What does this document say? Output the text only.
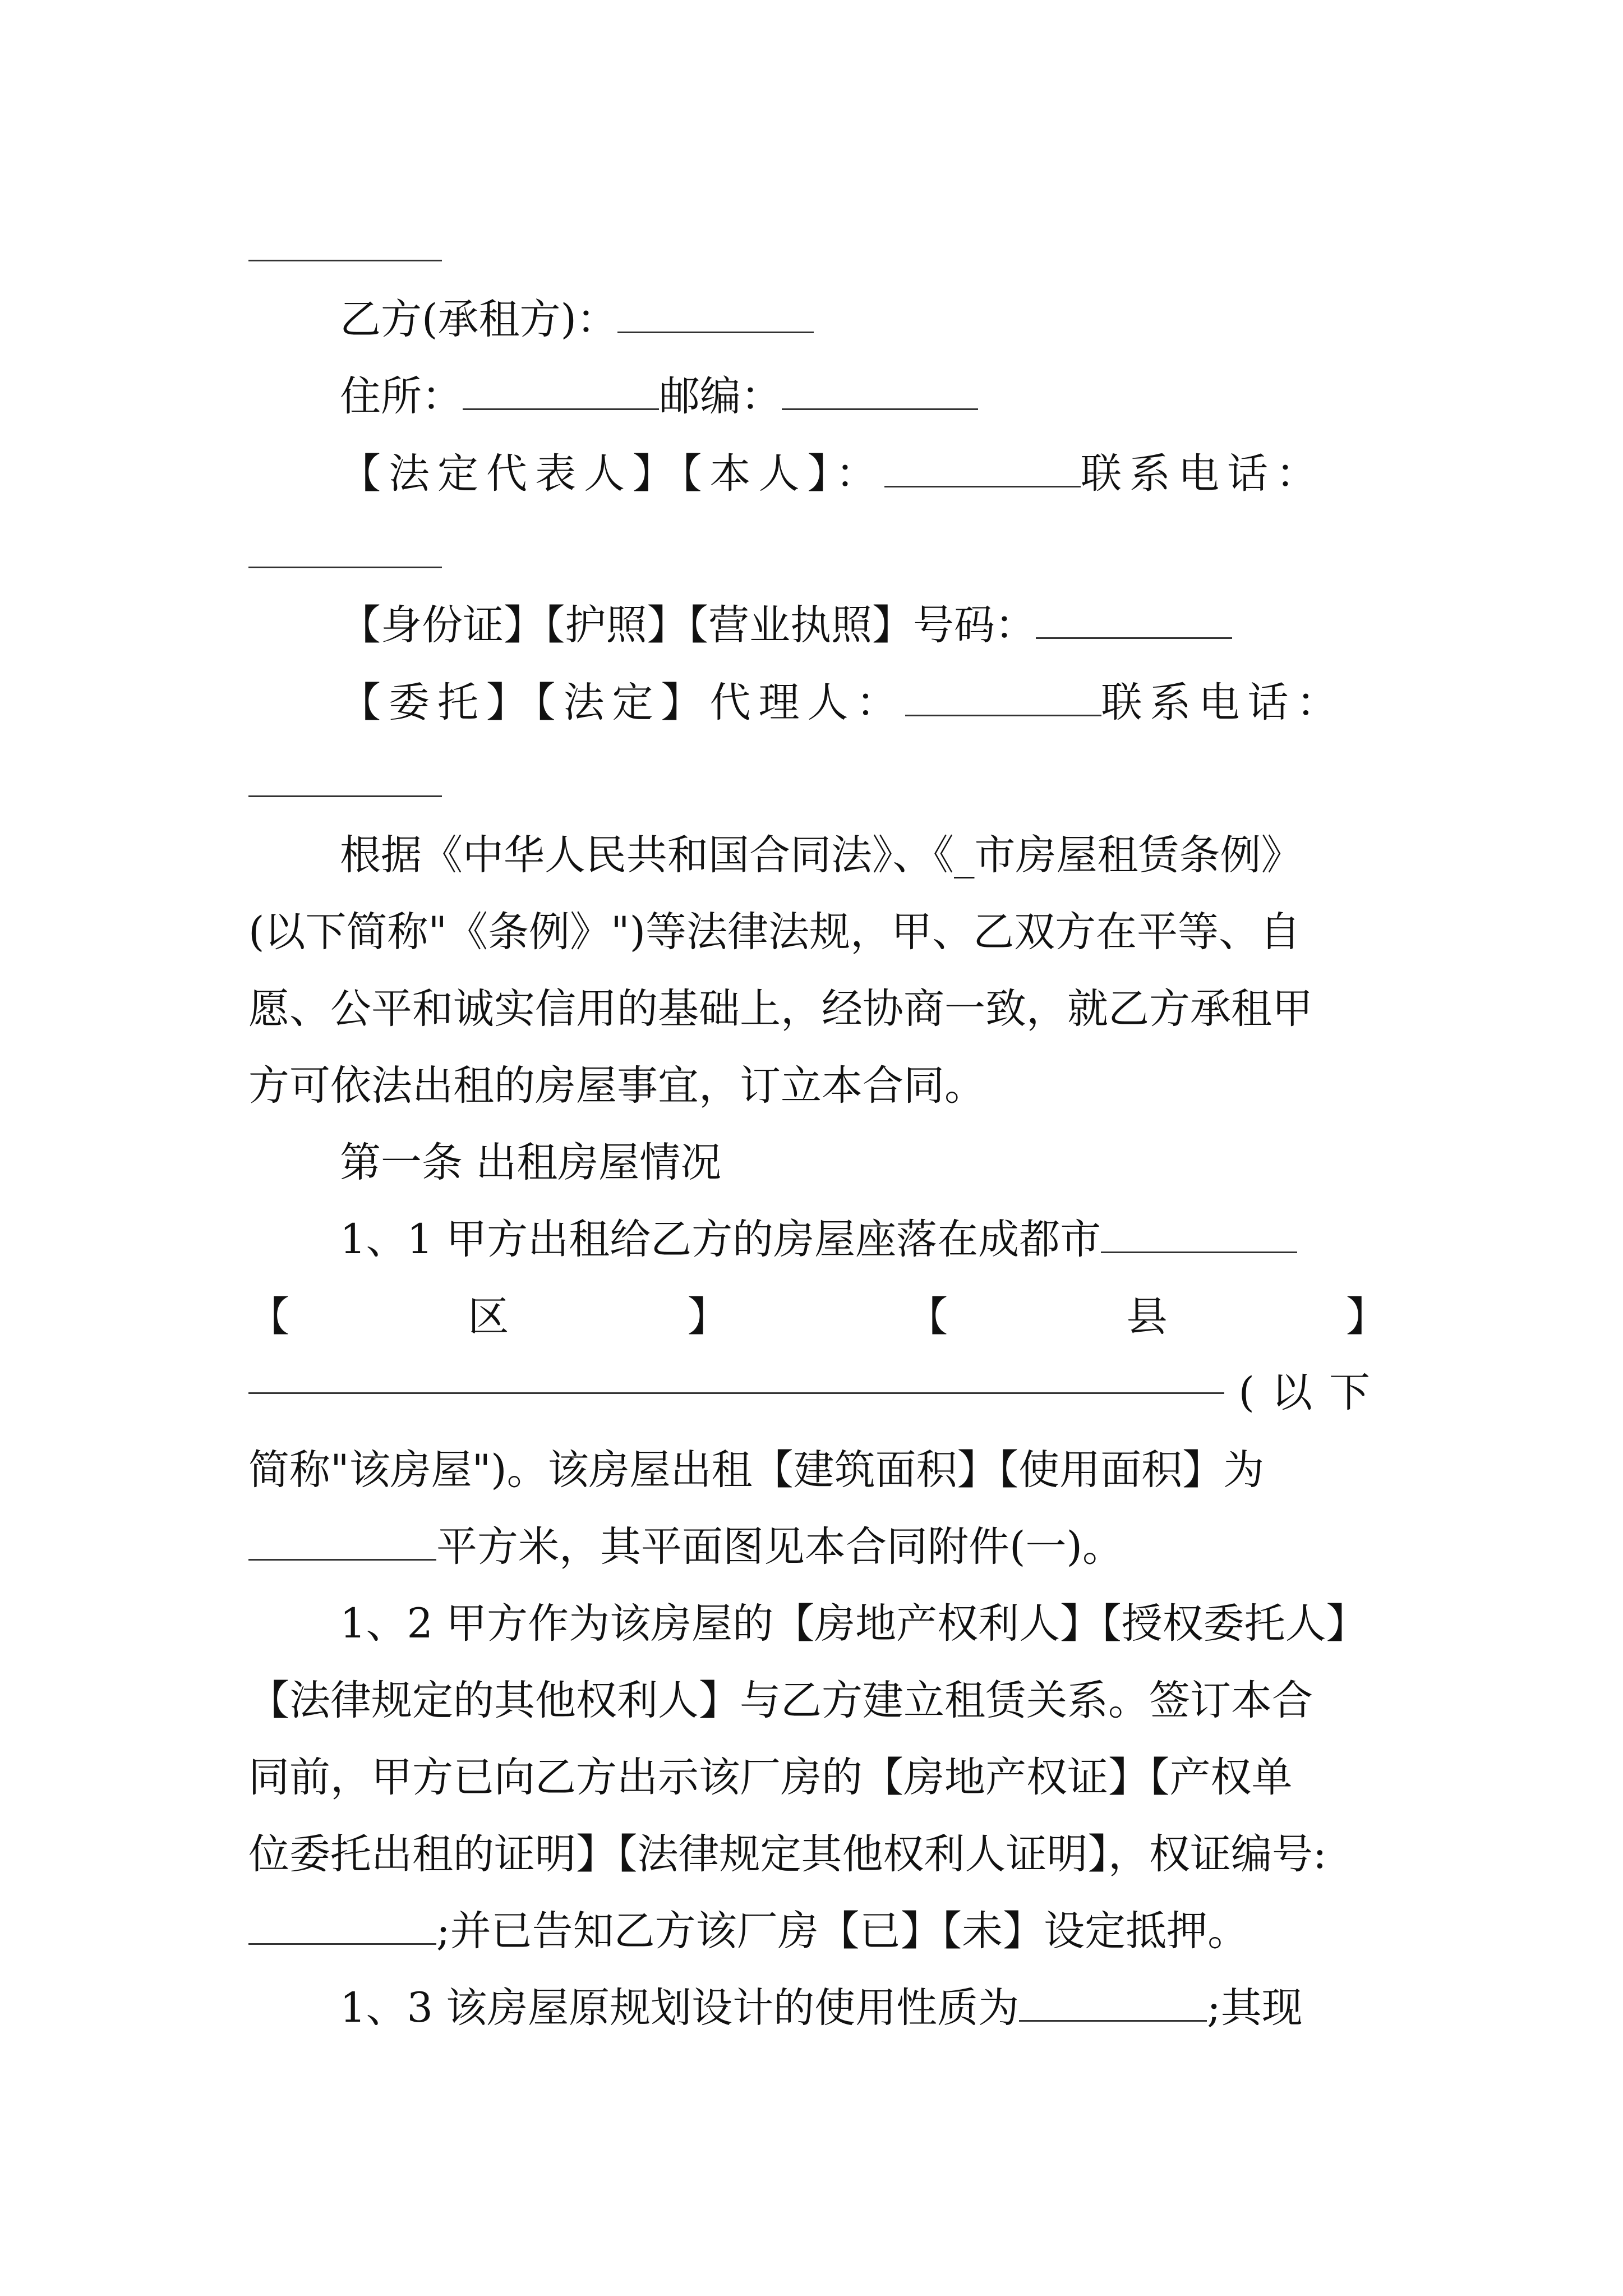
乙方(承租方)：
住所：	邮编：
【法定代表人】【本人】：	联系电话：
【身份证】【护照】【营业执照】号码：
【委托】【法定】代理人：	联系电话：
根据《中华人民共和国合同法》、《_市房屋租赁条例》
(以下简称"《条例》")等法律法规，甲、乙双方在平等、自
愿、公平和诚实信用的基础上，经协商一致，就乙方承租甲
方可依法出租的房屋事宜，订立本合同。
第一条 出租房屋情况
1、1 甲方出租给乙方的房屋座落在成都市
【	区	】	【	县	】
(以下
简称"该房屋")。该房屋出租【建筑面积】【使用面积】为
平方米，其平面图见本合同附件(一)。
1、2 甲方作为该房屋的【房地产权利人】【授权委托人】
【法律规定的其他权利人】与乙方建立租赁关系。签订本合
同前，甲方已向乙方出示该厂房的【房地产权证】【产权单
位委托出租的证明】【法律规定其他权利人证明】，权证编号:
;并已告知乙方该厂房【已】【未】设定抵押。
1、3 该房屋原规划设计的使用性质为	;其现
